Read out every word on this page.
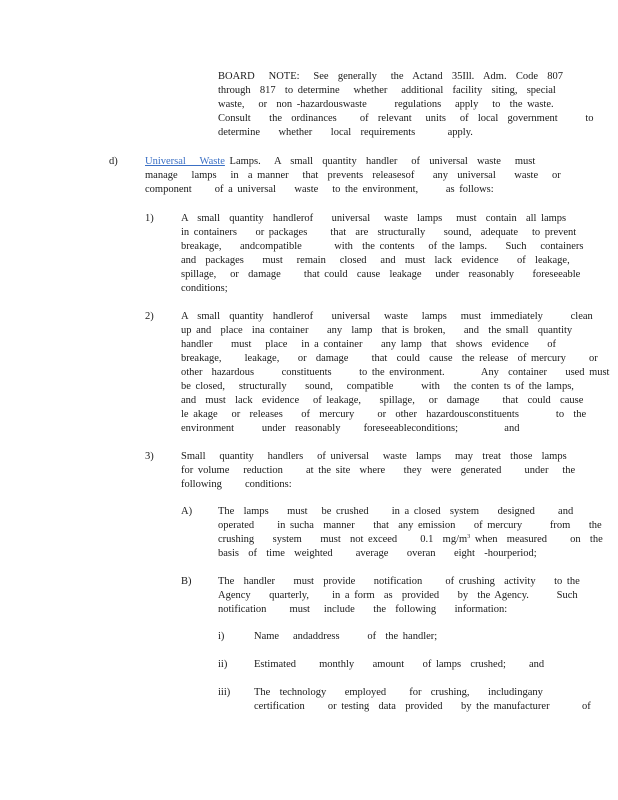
BOARD   NOTE:   See  generally   the  Actand  35Ill.  Adm.  Code  807
through  817  to determine   whether   additional  facility  siting,  special
waste,   or  non -hazardouswaste      regulations   apply   to  the waste.
Consult    the  ordinances     of  relevant   units   of  local  government      to
determine    whether    local  requirements       apply.
d)	Universal   Waste Lamps.   A  small  quantity  handler   of  universal  waste   must
manage   lamps   in  a manner   that  prevents  releasesof    any  universal    waste   or
component     of a universal    waste   to the environment,      as follows:
1)	A  small  quantity  handlerof    universal   waste  lamps   must  contain  all lamps
in containers    or packages     that  are  structurally    sound,  adequate   to prevent
breakage,    andcompatible       with  the contents   of the lamps.    Such   containers
and  packages    must   remain   closed   and  must  lack  evidence    of  leakage,
spillage,   or  damage     that could  cause  leakage   under  reasonably    foreseeable
conditions;
2)	A  small  quantity  handlerof    universal   waste   lamps   must  immediately      clean
up and  place  ina container    any  lamp  that is broken,    and  the small  quantity
handler    must   place   in a container    any lamp  that  shows  evidence    of
breakage,     leakage,    or  damage     that  could  cause  the release  of mercury     or
other  hazardous      constituents      to the environment.        Any  container    used must
be closed,   structurally    sound,   compatible      with   the conten ts of the lamps,
and  must  lack  evidence   of leakage,    spillage,   or  damage     that  could  cause
le akage   or  releases    of  mercury     or  other  hazardousconstituents        to  the
environment      under  reasonably     foreseeableconditions;          and
3)	Small   quantity   handlers   of universal   waste  lamps   may  treat  those  lamps
for volume   reduction     at the site  where    they  were  generated     under   the
following     conditions:
A) The  lamps    must   be crushed     in a closed  system    designed     and
operated     in sucha  manner    that  any emission    of mercury      from    the
crushing    system    must  not exceed     0.1  $mg/m^3$ when  measured     on  the
basis  of  time  weighted     average    overan    eight  -hourperiod;
B)	The  handler    must  provide    notification     of crushing  activity    to the
Agency    quarterly,     in a form  as  provided    by  the Agency.      Such
notification     must   include    the  following    information:
i)	Name   andaddress      of  the handler;
ii)	Estimated     monthly    amount    of lamps  crushed;     and
iii) The  technology    employed     for  crushing,    includingany
certification     or testing  data  provided    by the manufacturer       of
